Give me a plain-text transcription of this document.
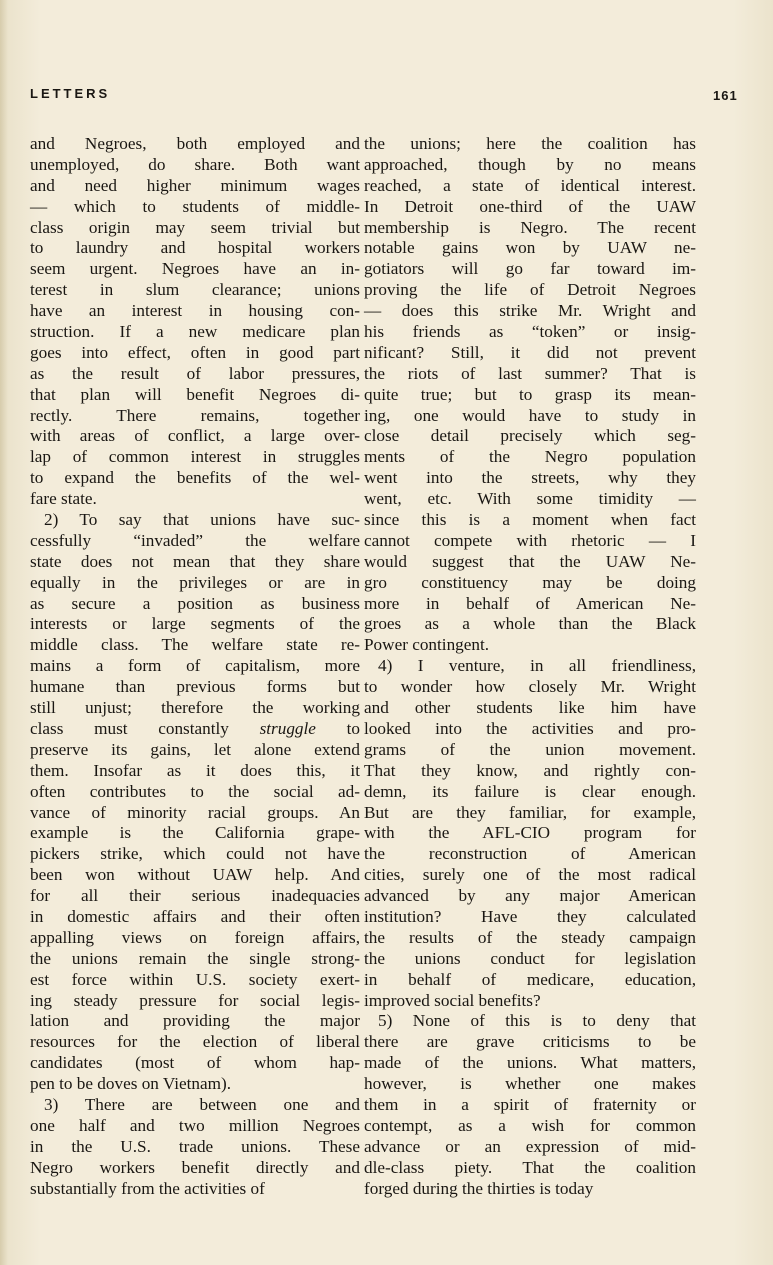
LETTERS	161
and Negroes, both employed and
unemployed, do share. Both want
and need higher minimum wages
— which to students of middle-
class origin may seem trivial but
to laundry and hospital workers
seem urgent. Negroes have an in-
terest in slum clearance; unions
have an interest in housing con-
struction. If a new medicare plan
goes into effect, often in good part
as the result of labor pressures,
that plan will benefit Negroes di-
rectly. There remains, together
with areas of conflict, a large over-
lap of common interest in struggles
to expand the benefits of the wel-
fare state.
2) To say that unions have suc-
cessfully “invaded” the welfare
state does not mean that they share
equally in the privileges or are in
as secure a position as business
interests or large segments of the
middle class. The welfare state re-
mains a form of capitalism, more
humane than previous forms but
still unjust; therefore the working
class must constantly struggle to
preserve its gains, let alone extend
them. Insofar as it does this, it
often contributes to the social ad-
vance of minority racial groups. An
example is the California grape-
pickers strike, which could not have
been won without UAW help. And
for all their serious inadequacies
in domestic affairs and their often
appalling views on foreign affairs,
the unions remain the single strong-
est force within U.S. society exert-
ing steady pressure for social legis-
lation and providing the major
resources for the election of liberal
candidates (most of whom hap-
pen to be doves on Vietnam).
3) There are between one and
one half and two million Negroes
in the U.S. trade unions. These
Negro workers benefit directly and
substantially from the activities of
the unions; here the coalition has
approached, though by no means
reached, a state of identical interest.
In Detroit one-third of the UAW
membership is Negro. The recent
notable gains won by UAW ne-
gotiators will go far toward im-
proving the life of Detroit Negroes
— does this strike Mr. Wright and
his friends as “token” or insig-
nificant? Still, it did not prevent
the riots of last summer? That is
quite true; but to grasp its mean-
ing, one would have to study in
close detail precisely which seg-
ments of the Negro population
went into the streets, why they
went, etc. With some timidity —
since this is a moment when fact
cannot compete with rhetoric — I
would suggest that the UAW Ne-
gro constituency may be doing
more in behalf of American Ne-
groes as a whole than the Black
Power contingent.
4) I venture, in all friendliness,
to wonder how closely Mr. Wright
and other students like him have
looked into the activities and pro-
grams of the union movement.
That they know, and rightly con-
demn, its failure is clear enough.
But are they familiar, for example,
with the AFL-CIO program for
the reconstruction of American
cities, surely one of the most radical
advanced by any major American
institution? Have they calculated
the results of the steady campaign
the unions conduct for legislation
in behalf of medicare, education,
improved social benefits?
5) None of this is to deny that
there are grave criticisms to be
made of the unions. What matters,
however, is whether one makes
them in a spirit of fraternity or
contempt, as a wish for common
advance or an expression of mid-
dle-class piety. That the coalition
forged during the thirties is today
